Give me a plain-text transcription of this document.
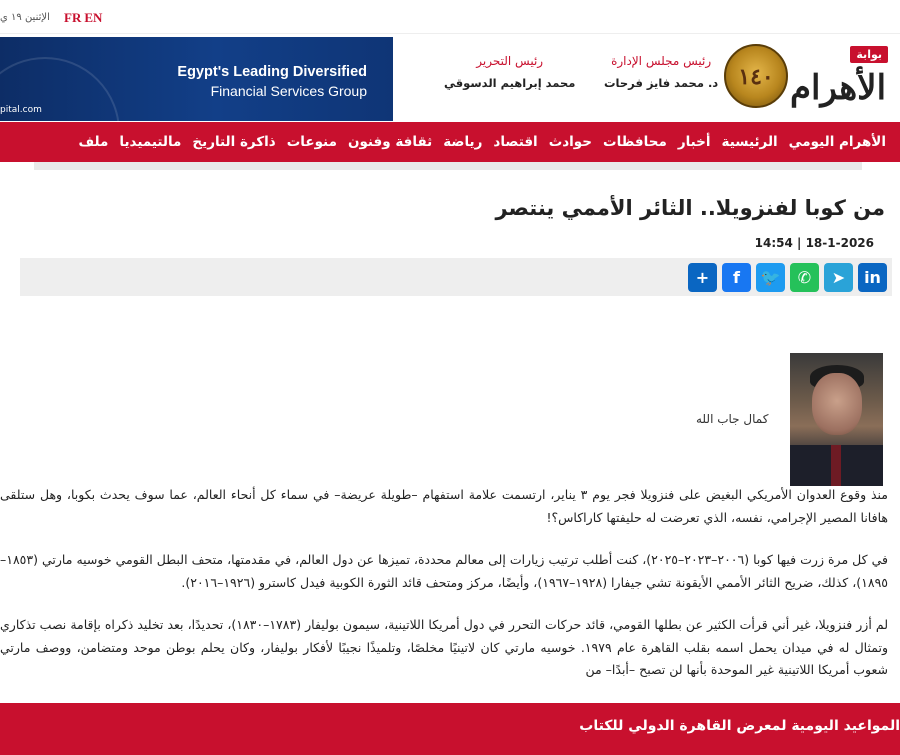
الإثنين ١٩ ي FR EN
Egypt's Leading Diversified
Financial Services Group
pital.com
رئيس التحرير
محمد إبراهيم الدسوقي
رئيس مجلس الإدارة
د. محمد فايز فرحات ١٤٠ الأهرام
بوابة
الأهرام اليومي
الرئيسية
أخبار
محافظات
حوادث
اقتصاد
رياضة
ثقافة وفنون
منوعات
ذاكرة التاريخ
مالتيميديا
ملف
من كوبا لفنزويلا.. الثائر الأممي ينتصر
18-1-2026 | 14:54
+ f 🐦 ✆ ➤ in
كمال جاب الله

منذ وقوع العدوان الأمريكي البغيض على فنزويلا فجر يوم ٣ يناير، ارتسمت علامة استفهام –طويلة عريضة– في سماء كل أنحاء العالم، عما سوف يحدث بكوبا، وهل ستلقى هافانا المصير الإجرامي، نفسه، الذي تعرضت له حليفتها كاراكاس؟!

في كل مرة زرت فيها كوبا (٢٠٠٦–٢٠٢٣–٢٠٢٥)، كنت أطلب ترتيب زيارات إلى معالم محددة، تميزها عن دول العالم، في مقدمتها، متحف البطل القومي خوسيه مارتي (١٨٥٣–١٨٩٥)، كذلك، ضريح الثائر الأممي الأيقونة تشي جيفارا (١٩٢٨–١٩٦٧)، وأيضًا، مركز ومتحف قائد الثورة الكوبية فيدل كاسترو (١٩٢٦–٢٠١٦).

لم أزر فنزويلا، غير أني قرأت الكثير عن بطلها القومي، قائد حركات التحرر في دول أمريكا اللاتينية، سيمون بوليفار (١٧٨٣–١٨٣٠)، تحديدًا، بعد تخليد ذكراه بإقامة نصب تذكاري وتمثال له في ميدان يحمل اسمه بقلب القاهرة عام ١٩٧٩. خوسيه مارتي كان لاتينيًا مخلصًا، وتلميذًا نجيبًا لأفكار بوليفار، وكان يحلم بوطن موحد ومتضامن، ووصف مارتي شعوب أمريكا اللاتينية غير الموحدة بأنها لن تصبح –أبدًا– من

المواعيد اليومية لمعرض القاهرة الدولي للكتاب
